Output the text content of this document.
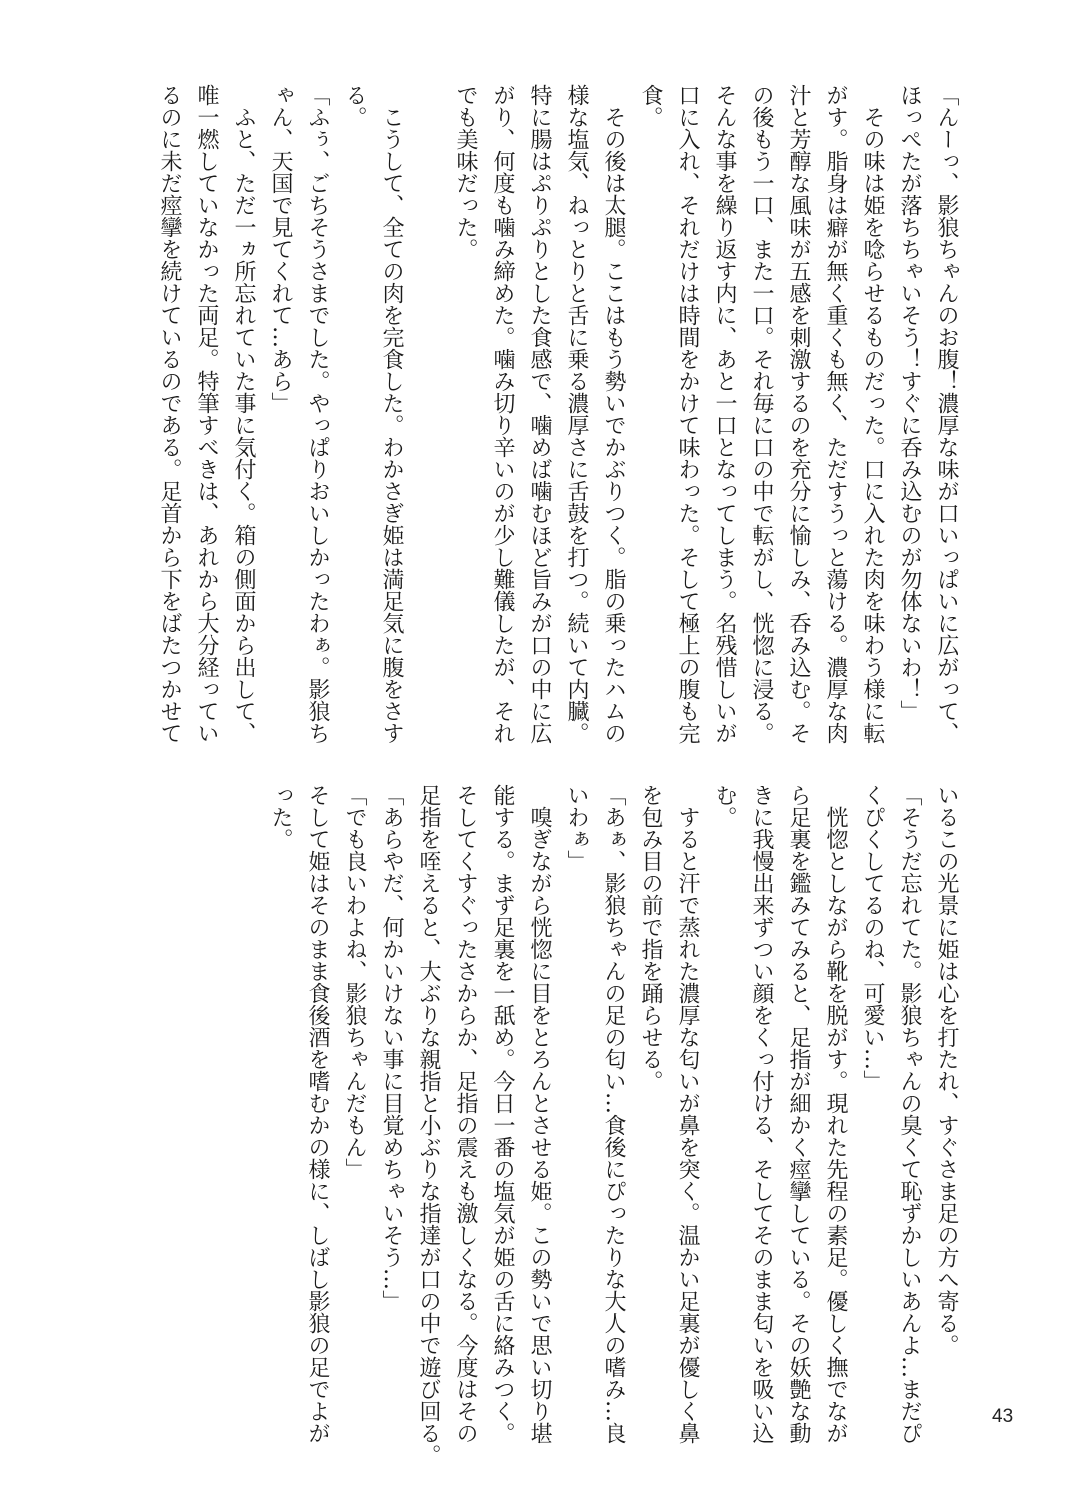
「んーっ、影狼ちゃんのお腹！濃厚な味が口いっぱいに広がって、
ほっぺたが落ちちゃいそう！すぐに呑み込むのが勿体ないわ！」
　その味は姫を唸らせるものだった。口に入れた肉を味わう様に転
がす。脂身は癖が無く重くも無く、ただすうっと蕩ける。濃厚な肉
汁と芳醇な風味が五感を刺激するのを充分に愉しみ、呑み込む。そ
の後もう一口、また一口。それ毎に口の中で転がし、恍惚に浸る。
そんな事を繰り返す内に、あと一口となってしまう。名残惜しいが
口に入れ、それだけは時間をかけて味わった。そして極上の腹も完
食。
　その後は太腿。ここはもう勢いでかぶりつく。脂の乗ったハムの
様な塩気、ねっとりと舌に乗る濃厚さに舌鼓を打つ。続いて内臓。
特に腸はぷりぷりとした食感で、噛めば噛むほど旨みが口の中に広
がり、何度も噛み締めた。噛み切り辛いのが少し難儀したが、それ
でも美味だった。

　こうして、全ての肉を完食した。わかさぎ姫は満足気に腹をさす
る。
「ふぅ、ごちそうさまでした。やっぱりおいしかったわぁ。影狼ち
ゃん、天国で見てくれて…あら」
　ふと、ただ一ヵ所忘れていた事に気付く。箱の側面から出して、
唯一燃していなかった両足。特筆すべきは、あれから大分経ってい
るのに未だ痙攣を続けているのである。足首から下をばたつかせて
いるこの光景に姫は心を打たれ、すぐさま足の方へ寄る。
「そうだ忘れてた。影狼ちゃんの臭くて恥ずかしいあんよ…まだぴ
くぴくしてるのね、可愛い…」
　恍惚としながら靴を脱がす。現れた先程の素足。優しく撫でなが
ら足裏を鑑みてみると、足指が細かく痙攣している。その妖艶な動
きに我慢出来ずつい顔をくっ付ける、そしてそのまま匂いを吸い込
む。
　すると汗で蒸れた濃厚な匂いが鼻を突く。温かい足裏が優しく鼻
を包み目の前で指を踊らせる。
「あぁ、影狼ちゃんの足の匂い…食後にぴったりな大人の嗜み…良
いわぁ」
　嗅ぎながら恍惚に目をとろんとさせる姫。この勢いで思い切り堪
能する。まず足裏を一舐め。今日一番の塩気が姫の舌に絡みつく。
そしてくすぐったさからか、足指の震えも激しくなる。今度はその
足指を咥えると、大ぶりな親指と小ぶりな指達が口の中で遊び回る。
「あらやだ、何かいけない事に目覚めちゃいそう…」
「でも良いわよね、影狼ちゃんだもん」
そして姫はそのまま食後酒を嗜むかの様に、しばし影狼の足でよが
った。
43
